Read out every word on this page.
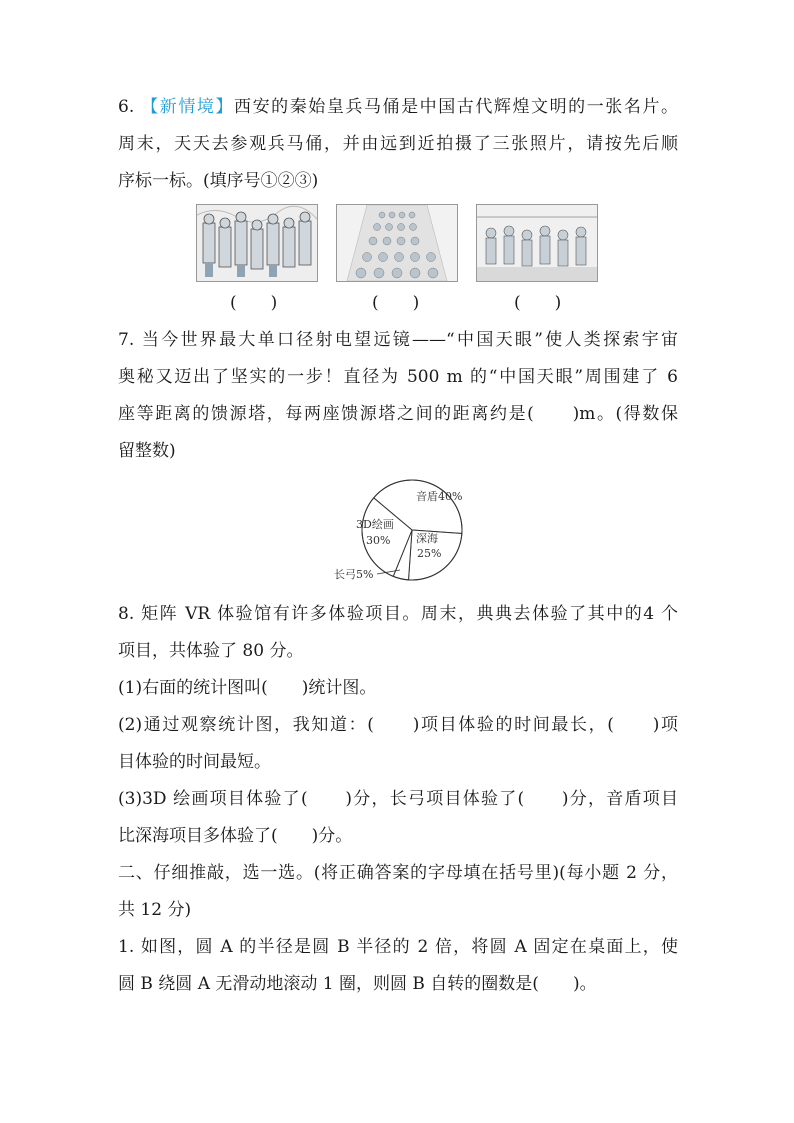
6. 【新情境】西安的秦始皇兵马俑是中国古代辉煌文明的一张名片。
周末，天天去参观兵马俑，并由远到近拍摄了三张照片，请按先后顺
序标一标。(填序号①②③)
(　　)	(　　)	(　　)
7. 当今世界最大单口径射电望远镜——“中国天眼”使人类探索宇宙
奥秘又迈出了坚实的一步！直径为 500 m 的“中国天眼”周围建了 6
座等距离的馈源塔，每两座馈源塔之间的距离约是(　　)m。(得数保
留整数)
音盾40%
3D绘画
30% 深海
25%
长弓5%
8. 矩阵 VR 体验馆有许多体验项目。周末，典典去体验了其中的4 个
项目，共体验了 80 分。
(1)右面的统计图叫(　　)统计图。
(2)通过观察统计图，我知道：(　　)项目体验的时间最长，(　　)项
目体验的时间最短。
(3)3D 绘画项目体验了(　　)分，长弓项目体验了(　　)分，音盾项目
比深海项目多体验了(　　)分。
二、仔细推敲，选一选。(将正确答案的字母填在括号里)(每小题 2 分，
共 12 分)
1. 如图，圆 A 的半径是圆 B 半径的 2 倍，将圆 A 固定在桌面上，使
圆 B 绕圆 A 无滑动地滚动 1 圈，则圆 B 自转的圈数是(　　)。
